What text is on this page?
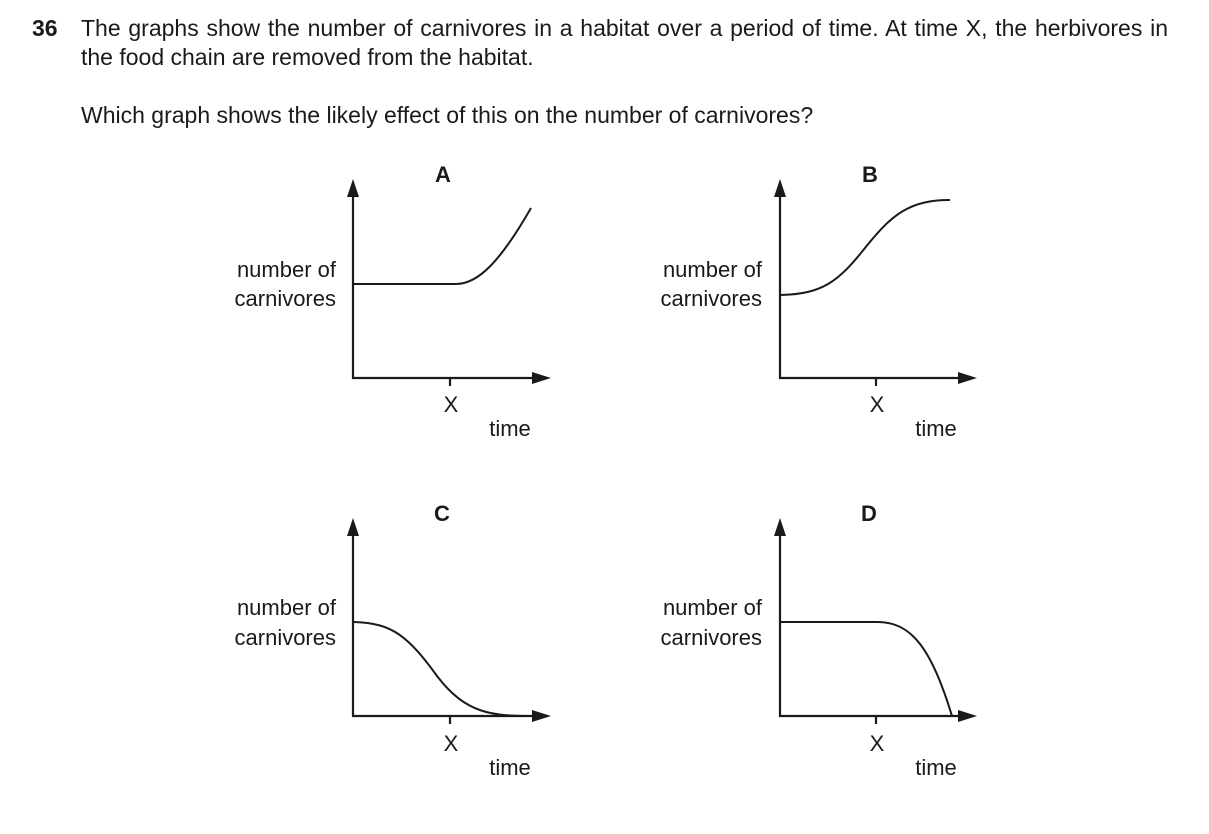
36 The graphs show the number of carnivores in a habitat over a period of time. At time X, the herbivores in the food chain are removed from the habitat.
Which graph shows the likely effect of this on the number of carnivores?
A
number of
carnivores
X
time
B
number of
carnivores
X
time
C
number of
carnivores
X
time
D
number of
carnivores
X
time
